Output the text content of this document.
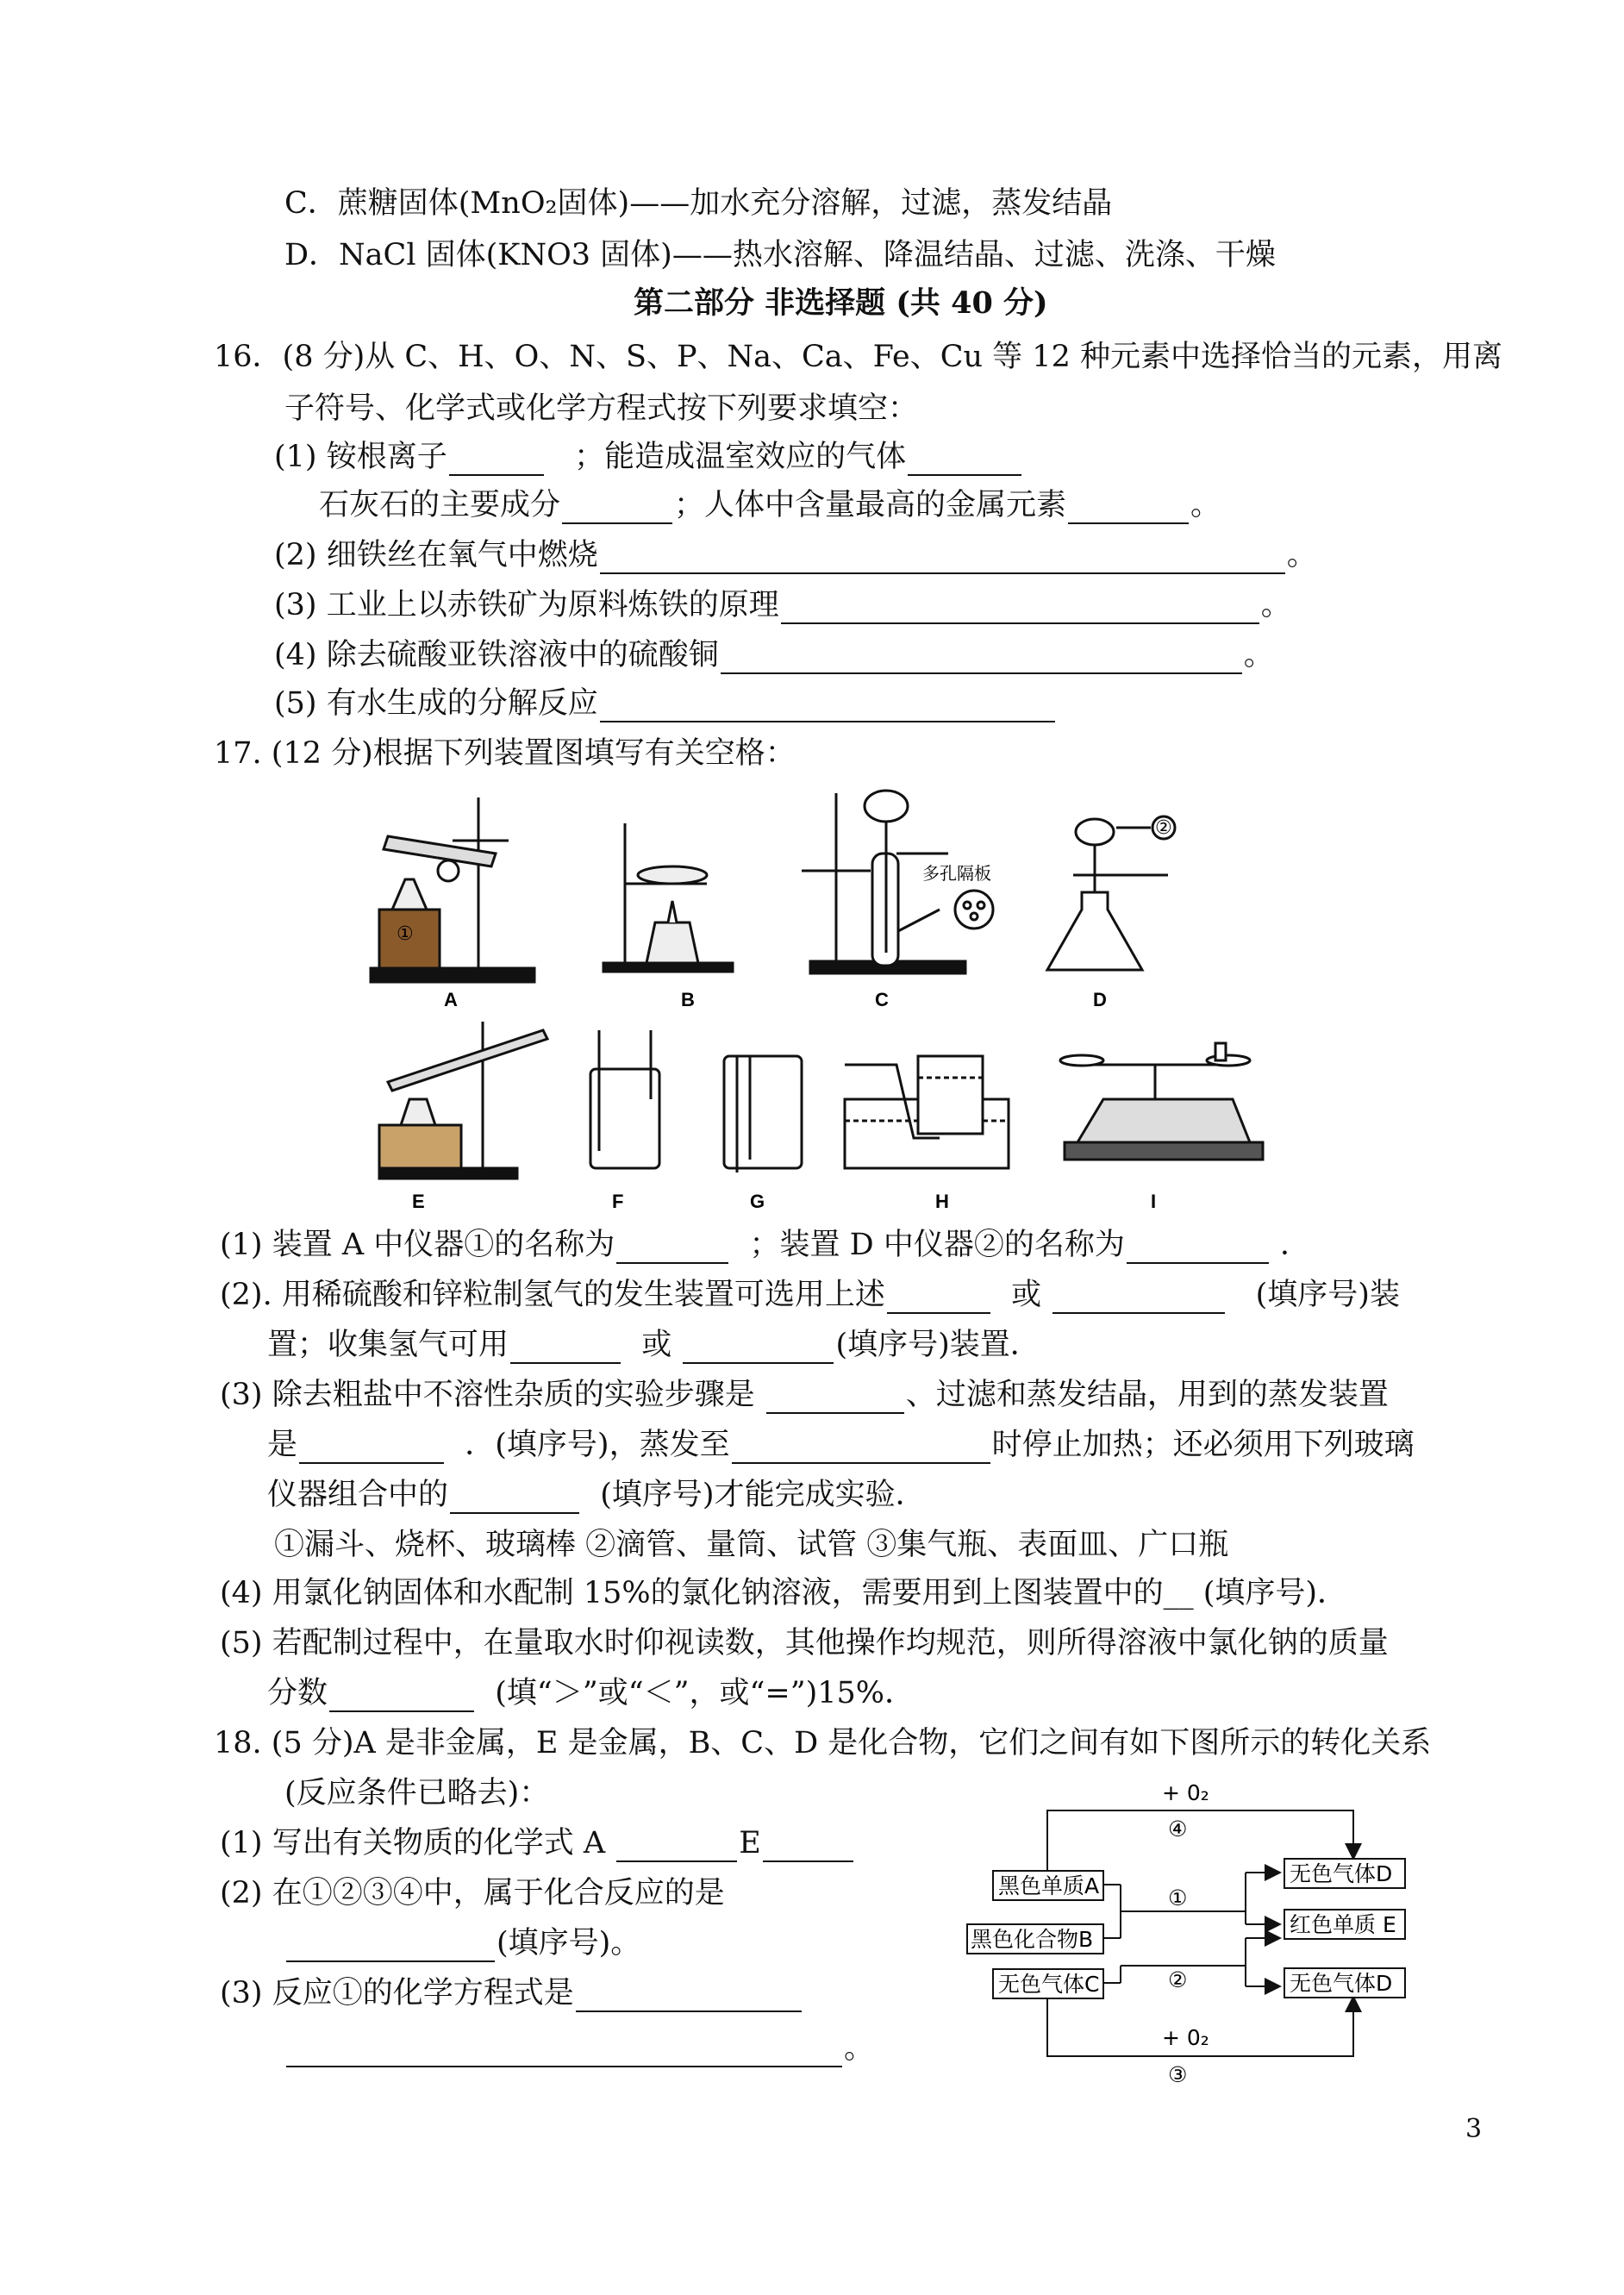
C．蔗糖固体(MnO₂固体)——加水充分溶解，过滤，蒸发结晶
D．NaCl 固体(KNO3 固体)——热水溶解、降温结晶、过滤、洗涤、干燥
第二部分 非选择题 (共 40 分)
16．(8 分)从 C、H、O、N、S、P、Na、Ca、Fe、Cu 等 12 种元素中选择恰当的元素，用离
子符号、化学式或化学方程式按下列要求填空：
(1) 铵根离子	；能造成温室效应的气体
石灰石的主要成分	；人体中含量最高的金属元素	。
(2) 细铁丝在氧气中燃烧	。
(3) 工业上以赤铁矿为原料炼铁的原理	。
(4) 除去硫酸亚铁溶液中的硫酸铜	。
(5) 有水生成的分解反应
17. (12 分)根据下列装置图填写有关空格：
①
多孔隔板
②
A	B	C	D
E	F	G	H	I
(1) 装置 A 中仪器①的名称为	；装置 D 中仪器②的名称为	．
(2). 用稀硫酸和锌粒制氢气的发生装置可选用上述	或	(填序号)装
置；收集氢气可用	或	(填序号)装置．
(3) 除去粗盐中不溶性杂质的实验步骤是	、过滤和蒸发结晶，用到的蒸发装置
是	．(填序号)，蒸发至	时停止加热；还必须用下列玻璃
仪器组合中的	(填序号)才能完成实验．
①漏斗、烧杯、玻璃棒 ②滴管、量筒、试管 ③集气瓶、表面皿、广口瓶
(4) 用氯化钠固体和水配制 15%的氯化钠溶液，需要用到上图装置中的__ (填序号)．
(5) 若配制过程中，在量取水时仰视读数，其他操作均规范，则所得溶液中氯化钠的质量
分数	(填“＞”或“＜”，或“=”)15%．
18. (5 分)A 是非金属，E 是金属，B、C、D 是化合物，它们之间有如下图所示的转化关系
(反应条件已略去)：
(1) 写出有关物质的化学式 A	E
(2) 在①②③④中，属于化合反应的是
(填序号)。
(3) 反应①的化学方程式是
。
黑色单质A
黑色化合物B
无色气体C
无色气体D
红色单质 E
无色气体D
+ 0₂
④
①
②
+ 0₂
③
3
